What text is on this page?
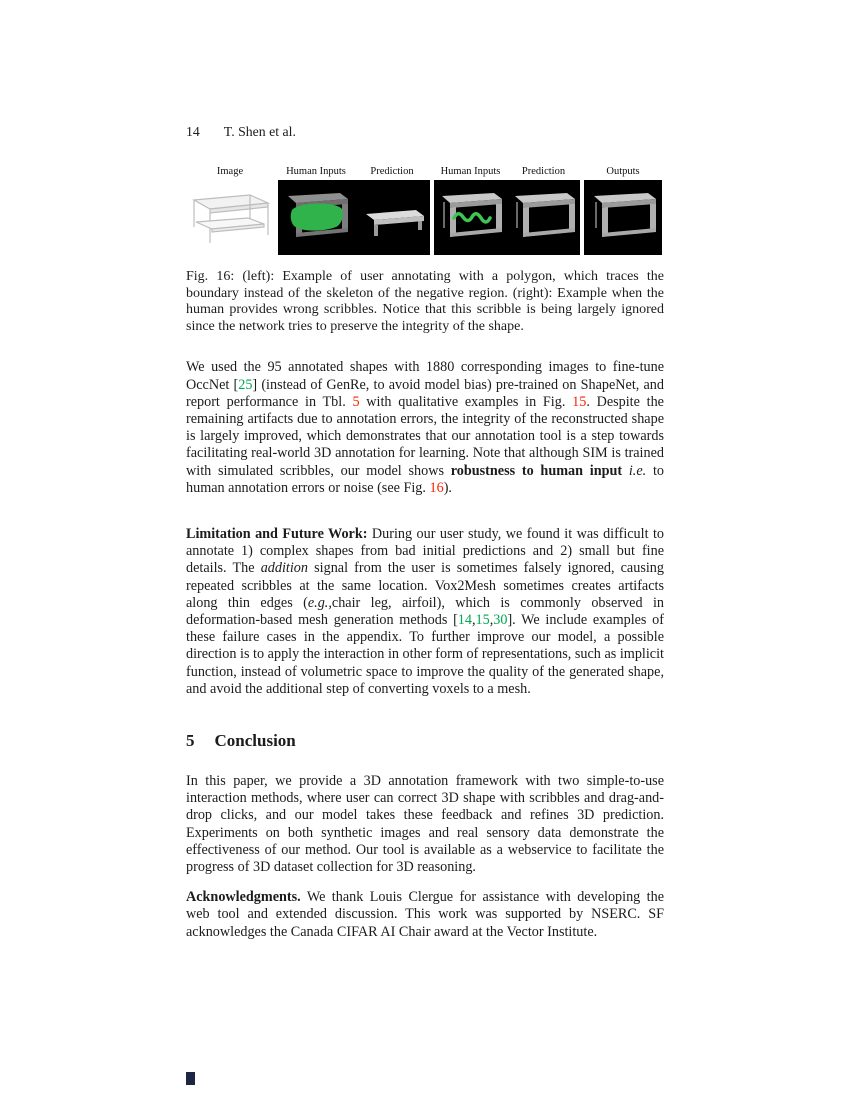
14 T. Shen et al.
Image	Human Inputs	Prediction	Human Inputs	Prediction	Outputs
Fig. 16: (left): Example of user annotating with a polygon, which traces the boundary instead of the skeleton of the negative region. (right): Example when the human provides wrong scribbles. Notice that this scribble is being largely ignored since the network tries to preserve the integrity of the shape.

We used the 95 annotated shapes with 1880 corresponding images to fine-tune OccNet [25] (instead of GenRe, to avoid model bias) pre-trained on ShapeNet, and report performance in Tbl. 5 with qualitative examples in Fig. 15. Despite the remaining artifacts due to annotation errors, the integrity of the reconstructed shape is largely improved, which demonstrates that our annotation tool is a step towards facilitating real-world 3D annotation for learning. Note that although SIM is trained with simulated scribbles, our model shows robustness to human input i.e. to human annotation errors or noise (see Fig. 16).

Limitation and Future Work: During our user study, we found it was difficult to annotate 1) complex shapes from bad initial predictions and 2) small but fine details. The addition signal from the user is sometimes falsely ignored, causing repeated scribbles at the same location. Vox2Mesh sometimes creates artifacts along thin edges (e.g.,chair leg, airfoil), which is commonly observed in deformation-based mesh generation methods [14,15,30]. We include examples of these failure cases in the appendix. To further improve our model, a possible direction is to apply the interaction in other form of representations, such as implicit function, instead of volumetric space to improve the quality of the generated shape, and avoid the additional step of converting voxels to a mesh.

5 Conclusion

In this paper, we provide a 3D annotation framework with two simple-to-use interaction methods, where user can correct 3D shape with scribbles and drag-and-drop clicks, and our model takes these feedback and refines 3D prediction. Experiments on both synthetic images and real sensory data demonstrate the effectiveness of our method. Our tool is available as a webservice to facilitate the progress of 3D dataset collection for 3D reasoning.

Acknowledgments. We thank Louis Clergue for assistance with developing the web tool and extended discussion. This work was supported by NSERC. SF acknowledges the Canada CIFAR AI Chair award at the Vector Institute.
